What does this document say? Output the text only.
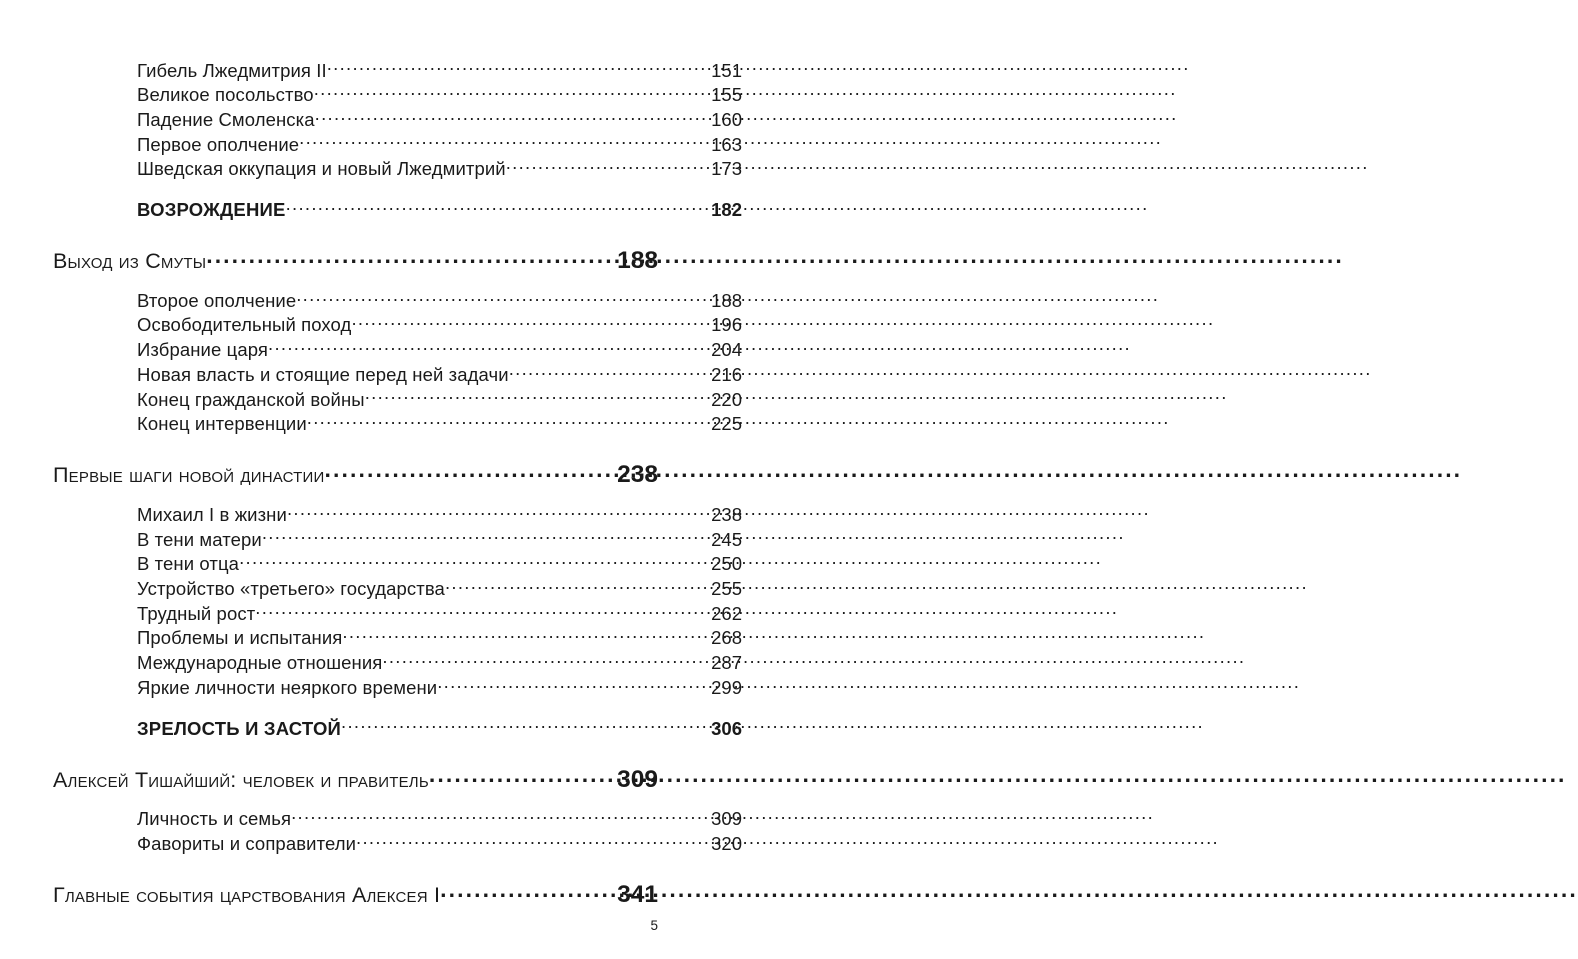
Гибель Лжедмитрия II .....	151
Великое посольство .....	155
Падение Смоленска .....	160
Первое ополчение .....	163
Шведская оккупация и новый Лжедмитрий .....	173
ВОЗРОЖДЕНИЕ .....	182
Выход из Смуты .....	188
Второе ополчение .....	188
Освободительный поход .....	196
Избрание царя .....	204
Новая власть и стоящие перед ней задачи .....	216
Конец гражданской войны .....	220
Конец интервенции .....	225
Первые шаги новой династии .....	238
Михаил I в жизни .....	238
В тени матери .....	245
В тени отца .....	250
Устройство «третьего» государства .....	255
Трудный рост .....	262
Проблемы и испытания .....	268
Международные отношения .....	287
Яркие личности неяркого времени .....	299
ЗРЕЛОСТЬ И ЗАСТОЙ .....	306
Алексей Тишайший: человек и правитель .....	309
Личность и семья .....	309
Фавориты и соправители .....	320
Главные события царствования Алексея I .....	341
5
